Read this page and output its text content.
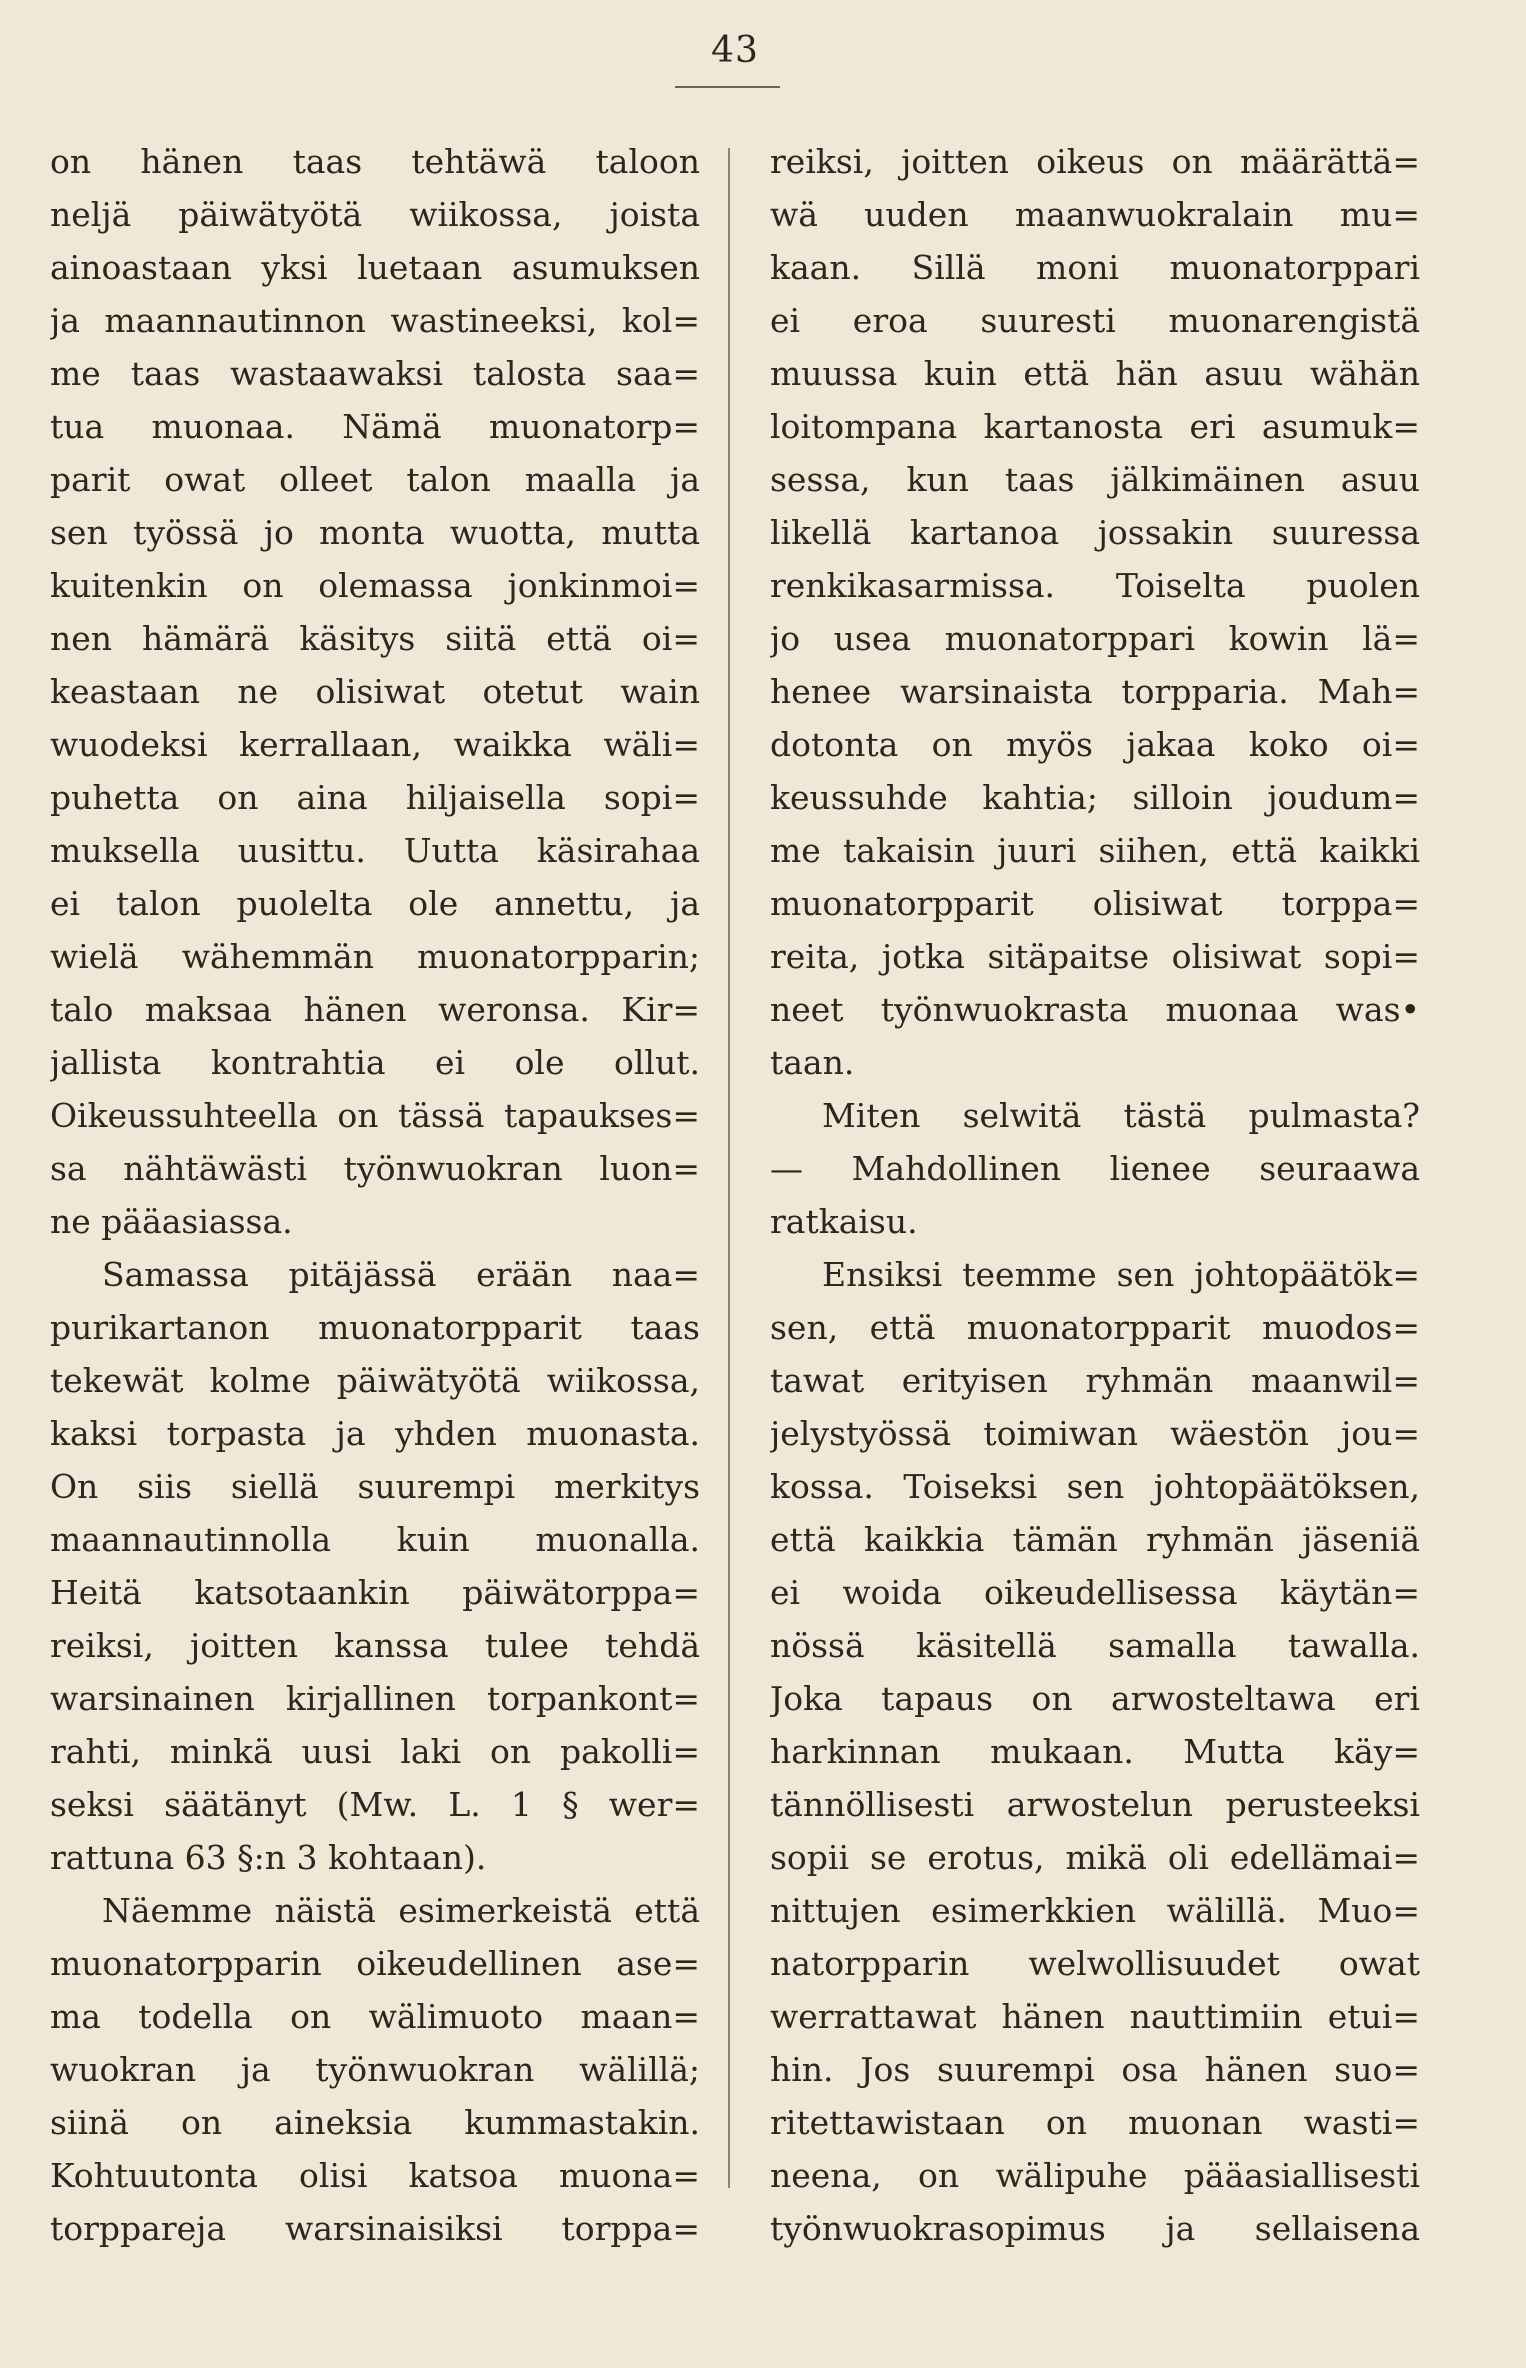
43
on hänen taas tehtäwä taloon
neljä päiwätyötä wiikossa, joista
ainoastaan yksi luetaan asumuksen
ja maannautinnon wastineeksi, kol=
me taas wastaawaksi talosta saa=
tua muonaa. Nämä muonatorp=
parit owat olleet talon maalla ja
sen työssä jo monta wuotta, mutta
kuitenkin on olemassa jonkinmoi=
nen hämärä käsitys siitä että oi=
keastaan ne olisiwat otetut wain
wuodeksi kerrallaan, waikka wäli=
puhetta on aina hiljaisella sopi=
muksella uusittu. Uutta käsirahaa
ei talon puolelta ole annettu, ja
wielä wähemmän muonatorpparin;
talo maksaa hänen weronsa. Kir=
jallista kontrahtia ei ole ollut.
Oikeussuhteella on tässä tapaukses=
sa nähtäwästi työnwuokran luon=
ne pääasiassa.
Samassa pitäjässä erään naa=
purikartanon muonatorpparit taas
tekewät kolme päiwätyötä wiikossa,
kaksi torpasta ja yhden muonasta.
On siis siellä suurempi merkitys
maannautinnolla kuin muonalla.
Heitä katsotaankin päiwätorppa=
reiksi, joitten kanssa tulee tehdä
warsinainen kirjallinen torpankont=
rahti, minkä uusi laki on pakolli=
seksi säätänyt (Mw. L. 1 § wer=
rattuna 63 §:n 3 kohtaan).
Näemme näistä esimerkeistä että
muonatorpparin oikeudellinen ase=
ma todella on wälimuoto maan=
wuokran ja työnwuokran wälillä;
siinä on aineksia kummastakin.
Kohtuutonta olisi katsoa muona=
torppareja warsinaisiksi torppa=
reiksi, joitten oikeus on määrättä=
wä uuden maanwuokralain mu=
kaan. Sillä moni muonatorppari
ei eroa suuresti muonarengistä
muussa kuin että hän asuu wähän
loitompana kartanosta eri asumuk=
sessa, kun taas jälkimäinen asuu
likellä kartanoa jossakin suuressa
renkikasarmissa. Toiselta puolen
jo usea muonatorppari kowin lä=
henee warsinaista torpparia. Mah=
dotonta on myös jakaa koko oi=
keussuhde kahtia; silloin joudum=
me takaisin juuri siihen, että kaikki
muonatorpparit olisiwat torppa=
reita, jotka sitäpaitse olisiwat sopi=
neet työnwuokrasta muonaa was•
taan.
Miten selwitä tästä pulmasta?
— Mahdollinen lienee seuraawa
ratkaisu.
Ensiksi teemme sen johtopäätök=
sen, että muonatorpparit muodos=
tawat erityisen ryhmän maanwil=
jelystyössä toimiwan wäestön jou=
kossa. Toiseksi sen johtopäätöksen,
että kaikkia tämän ryhmän jäseniä
ei woida oikeudellisessa käytän=
nössä käsitellä samalla tawalla.
Joka tapaus on arwosteltawa eri
harkinnan mukaan. Mutta käy=
tännöllisesti arwostelun perusteeksi
sopii se erotus, mikä oli edellämai=
nittujen esimerkkien wälillä. Muo=
natorpparin welwollisuudet owat
werrattawat hänen nauttimiin etui=
hin. Jos suurempi osa hänen suo=
ritettawistaan on muonan wasti=
neena, on wälipuhe pääasiallisesti
työnwuokrasopimus ja sellaisena
